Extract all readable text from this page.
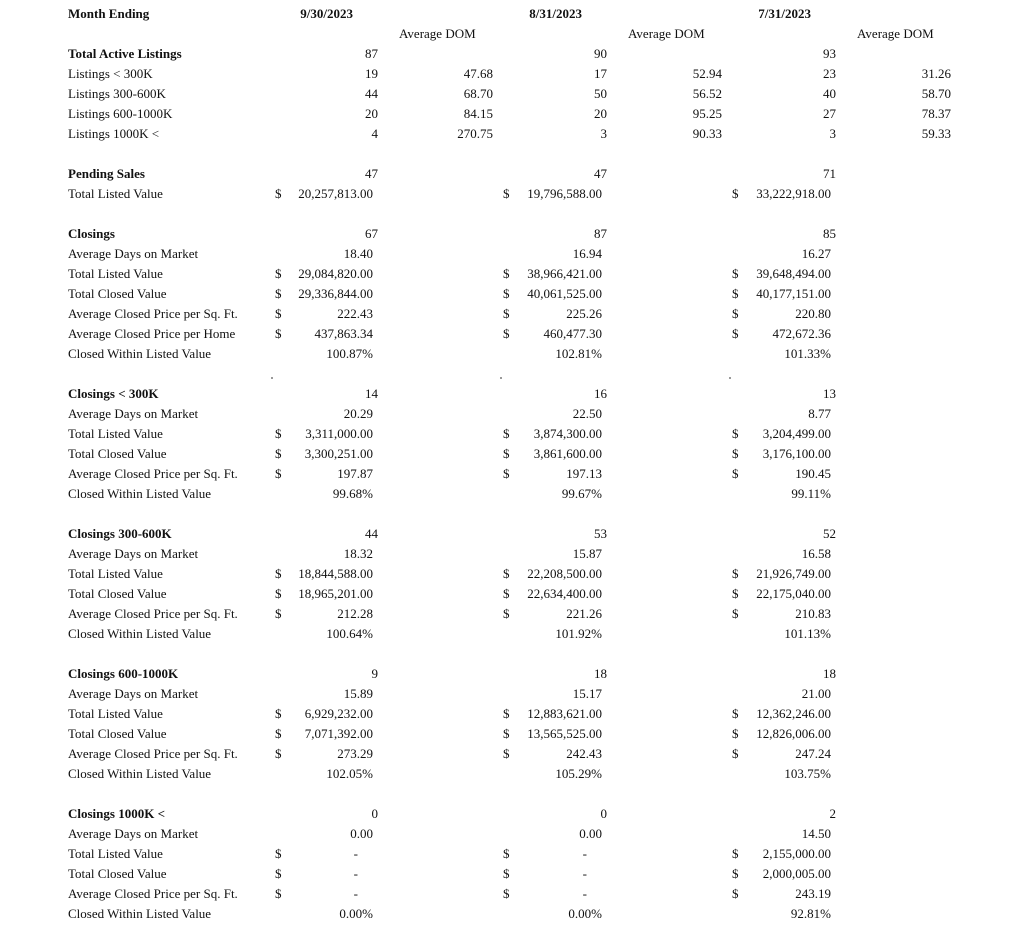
Month Ending	9/30/2023	8/31/2023	7/31/2023
Average DOM	Average DOM	Average DOM
Total Active Listings	87	90	93
Listings < 300K	19	47.68	17	52.94	23	31.26
Listings 300-600K	44	68.70	50	56.52	40	58.70
Listings 600-1000K	20	84.15	20	95.25	27	78.37
Listings 1000K <	4	270.75	3	90.33	3	59.33
Pending Sales	47	47	71
Total Listed Value	$ 20,257,813.00	$ 19,796,588.00	$ 33,222,918.00
Closings	67	87	85
Average Days on Market	18.40	16.94	16.27
Total Listed Value	$ 29,084,820.00	$ 38,966,421.00	$ 39,648,494.00
Total Closed Value	$ 29,336,844.00	$ 40,061,525.00	$ 40,177,151.00
Average Closed Price per Sq. Ft.	$	222.43	$	225.26	$	220.80
Average Closed Price per Home	$	437,863.34	$	460,477.30	$	472,672.36
Closed Within Listed Value	100.87%	102.81%	101.33%
Closings < 300K	14	16	13
Average Days on Market	20.29	22.50	8.77
Total Listed Value	$ 3,311,000.00	$ 3,874,300.00	$ 3,204,499.00
Total Closed Value	$ 3,300,251.00	$ 3,861,600.00	$ 3,176,100.00
Average Closed Price per Sq. Ft.	$	197.87	$	197.13	$	190.45
Closed Within Listed Value	99.68%	99.67%	99.11%
Closings 300-600K	44	53	52
Average Days on Market	18.32	15.87	16.58
Total Listed Value	$ 18,844,588.00	$ 22,208,500.00	$ 21,926,749.00
Total Closed Value	$ 18,965,201.00	$ 22,634,400.00	$ 22,175,040.00
Average Closed Price per Sq. Ft.	$	212.28	$	221.26	$	210.83
Closed Within Listed Value	100.64%	101.92%	101.13%
Closings 600-1000K	9	18	18
Average Days on Market	15.89	15.17	21.00
Total Listed Value	$ 6,929,232.00	$ 12,883,621.00	$ 12,362,246.00
Total Closed Value	$ 7,071,392.00	$ 13,565,525.00	$ 12,826,006.00
Average Closed Price per Sq. Ft.	$	273.29	$	242.43	$	247.24
Closed Within Listed Value	102.05%	105.29%	103.75%
Closings 1000K <	0	0	2
Average Days on Market	0.00	0.00	14.50
Total Listed Value	$	-	$	-	$ 2,155,000.00
Total Closed Value	$	-	$	-	$ 2,000,005.00
Average Closed Price per Sq. Ft.	$	-	$	-	$	243.19
Closed Within Listed Value	0.00%	0.00%	92.81%
